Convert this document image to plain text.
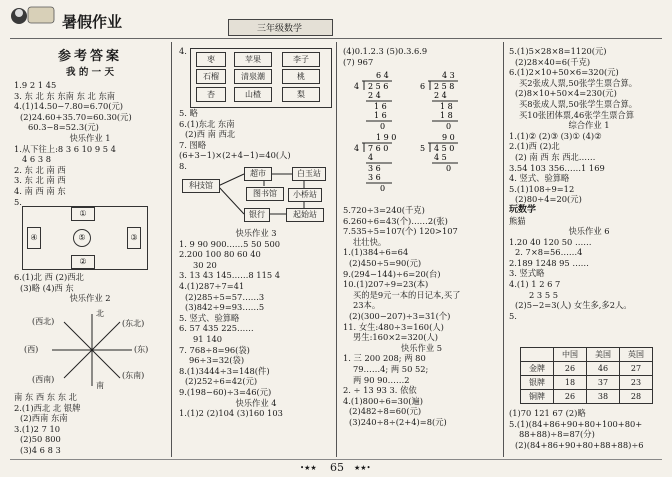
暑假作业	三年级数学
参考答案
我 的 一 天
1.9 2 1 45
3. 东 北 东 东南 东 北 东南
4.(1)14.50−7.80=6.70(元)
(2)24.60+35.70=60.30(元)
60.3−8=52.3(元)
快乐作业 1
1.从下往上:8 3 6 10 9 5 4
4 6 3 8
2. 东 北 南 西
3. 东 北 南 西
4. 南 西 南 东
5.
①
②
③
④	⑤
6.(1)北 西 (2)西北
(3)略 (4)西 东
快乐作业 2
北
(西北)	(东北)
(西)	(东)
(西南)	(东南)
南
南 东 西 东 东 北
2.(1)西北 北 银牌
(2)西南 东南
3.(1)2 7 10
(2)50 800
(3)4 6 8 3
4.
枣	苹果	李子
石榴	清泉潮	桃
杏	山楂	梨
5. 略
6.(1)东北 东南
(2)西 南 西北
7. 图略
(6+3−1)×(2+4−1)=40(人)
8.
超市	白玉站
科技馆
图书馆	小桥站
银行	起始站
快乐作业 3
1. 9 90 900……5 50 500
2.200 100 80 60 40
30 20
3. 13 43 145……8 115 4
4.(1)287÷7=41
(2)285÷5=57……3
(3)842÷9=93……5
5. 竖式、验算略
6. 57 435 225……
91 140
7. 768÷8=96(袋)
96÷3=32(袋)
8.(1)3444÷3=148(件)
(2)252÷6=42(元)
9.(198−60)÷3=46(元)
快乐作业 4
1.(1)2 (2)104 (3)160 103
(4)0.1.2.3 (5)0.3.6.9
(7) 967
6 4
4 2 5 6
2 4
1 6
1 6
0
4 3
6 2 5 8
2 4
1 8
1 8
0
1 9 0
4 7 6 0
4
3 6
3 6
0
9 0
5 4 5 0
4 5
0
5.720÷3=240(千克)
6.260÷6=43(个)……2(张)
7.535÷5=107(个) 120>107
壮壮快。
1.(1)384÷6=64
(2)450÷5=90(元)
9.(294−144)÷6=20(台)
10.(1)207÷9=23(本)
买的是9元一本的日记本,买了
23本。
(2)(300−207)÷3=31(个)
11. 女生:480÷3=160(人)
男生:160×2=320(人)
快乐作业 5
1. 三 200 208; 两 80
79……4; 两 50 52;
两 90 90……2
2. ÷ 13 93 3. 依依
4.(1)800÷6=30(遍)
(2)482÷8=60(元)
(3)240÷8÷(2+4)=8(元)
5.(1)5×28×8=1120(元)
(2)28×40=6(千克)
6.(1)2×10+50×6=320(元)
买2张成人票,50张学生票合算。
(2)8×10+50×4=230(元)
买8张成人票,50张学生票合算。
买10张团体票,46张学生票合算
综合作业 1
1.(1)② (2)③ (3)① (4)②
2.(1)西 (2)北
(2) 南 西 东 西北……
3.54 103 356……1 169
4. 竖式、验算略
5.(1)108÷9=12
(2)80÷4=20(元)
玩数学
熊猫
快乐作业 6
1.20 40 120 50 ……
2. 7×8=56……4
2.189 1248 95 ……
3. 竖式略
4.(1) 1 2 6 7
2 3 5 5
(2)5−2=3(人) 女生多,多2人。
5.
	中国	美国	英国
金牌	26	46	27
银牌	18	37	23
铜牌	26	38	28
(1)70 121 67 (2)略
5.(1)(84+86+90+80+100+80+
88+88)÷8=87(分)
(2)(84+86+90+80+88+88)÷6
•★★ 65 ★★•
